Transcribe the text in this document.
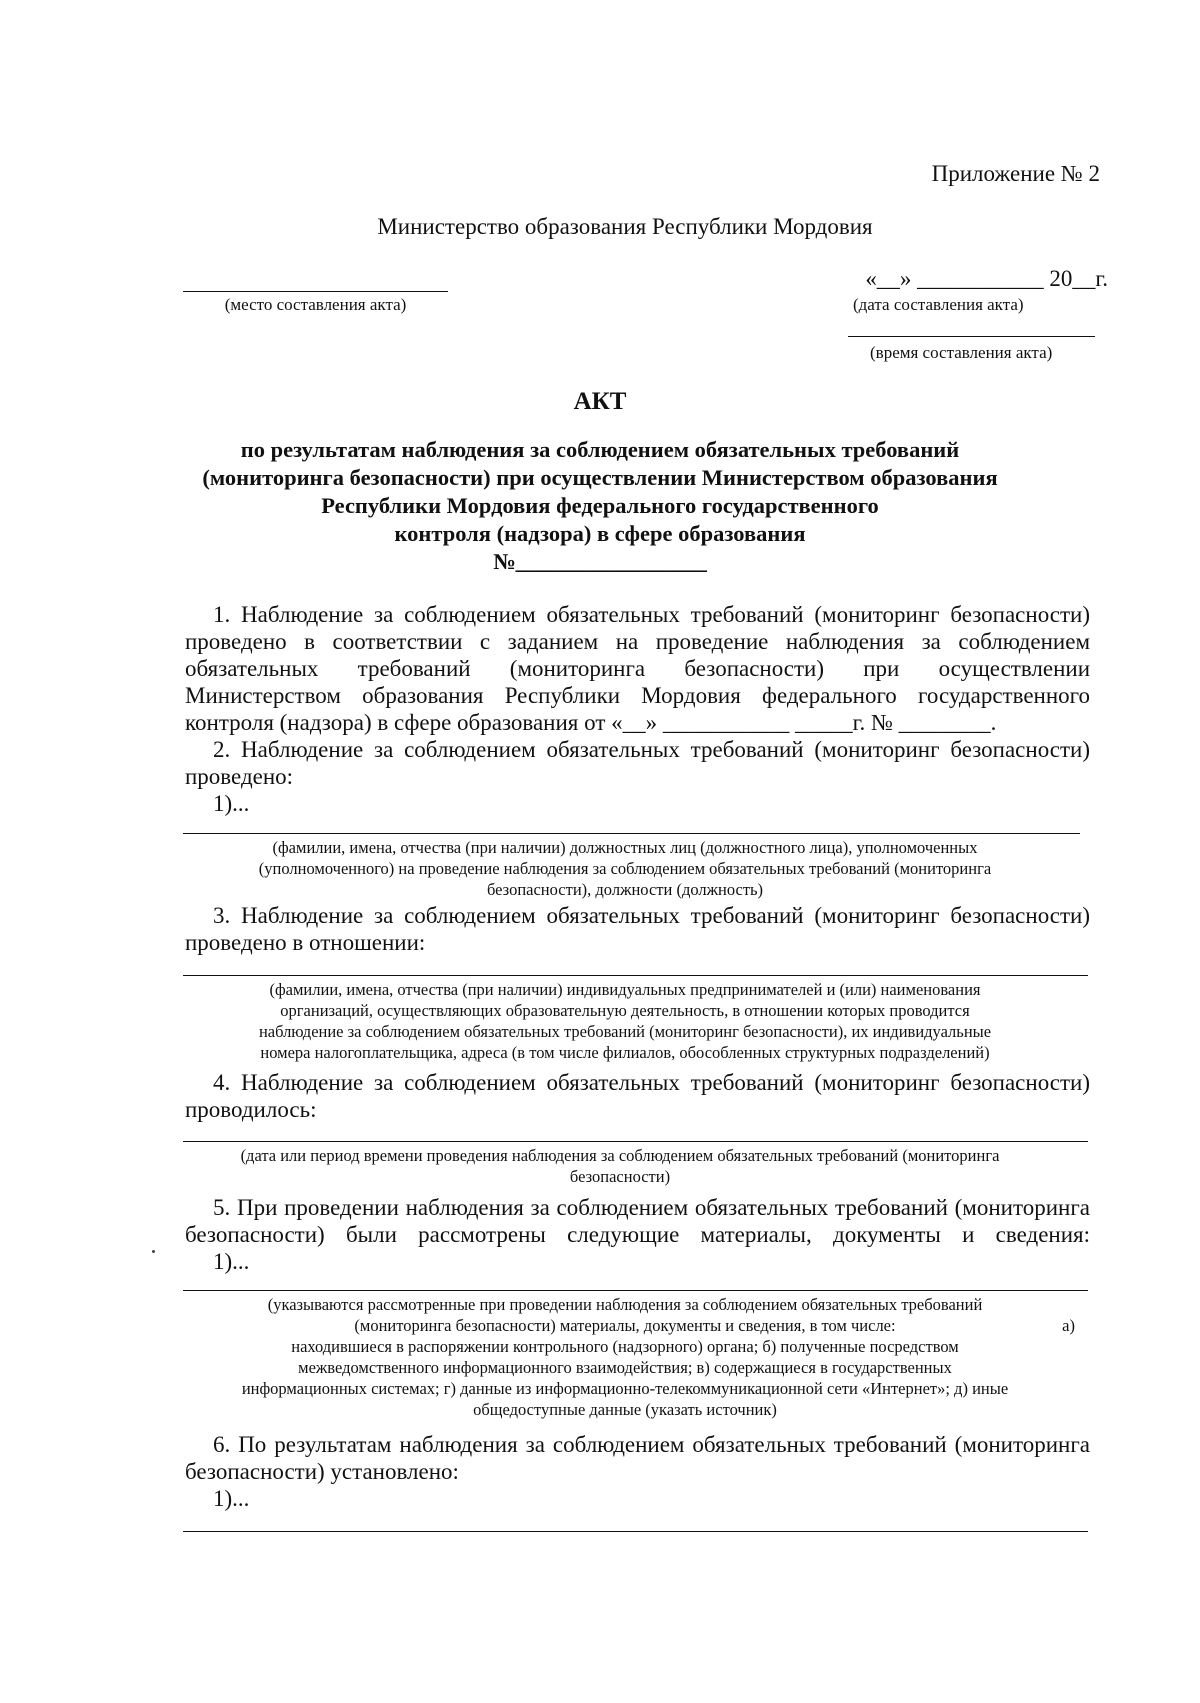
Приложение № 2
Министерство образования Республики Мордовия
(место составления акта)
«__» ___________ 20__г.
(дата составления акта)
(время составления акта)
АКТ
по результатам наблюдения за соблюдением обязательных требований
(мониторинга безопасности) при осуществлении Министерством образования
Республики Мордовия федерального государственного
контроля (надзора) в сфере образования
№_________________
1. Наблюдение за соблюдением обязательных требований (мониторинг безопасности)
проведено в соответствии с заданием на проведение наблюдения за соблюдением
обязательных требований (мониторинга безопасности) при осуществлении
Министерством образования Республики Мордовия федерального государственного
контроля (надзора) в сфере образования от «__» ___________ _____г. № ________.
2. Наблюдение за соблюдением обязательных требований (мониторинг безопасности)
проведено:
1)...
(фамилии, имена, отчества (при наличии) должностных лиц (должностного лица), уполномоченных
(уполномоченного) на проведение наблюдения за соблюдением обязательных требований (мониторинга
безопасности), должности (должность)
3. Наблюдение за соблюдением обязательных требований (мониторинг безопасности)
проведено в отношении:
(фамилии, имена, отчества (при наличии) индивидуальных предпринимателей и (или) наименования
организаций, осуществляющих образовательную деятельность, в отношении которых проводится
наблюдение за соблюдением обязательных требований (мониторинг безопасности), их индивидуальные
номера налогоплательщика, адреса (в том числе филиалов, обособленных структурных подразделений)
4. Наблюдение за соблюдением обязательных требований (мониторинг безопасности)
проводилось:
(дата или период времени проведения наблюдения за соблюдением обязательных требований (мониторинга
безопасности)
5. При проведении наблюдения за соблюдением обязательных требований (мониторинга
безопасности) были рассмотрены следующие материалы, документы и сведения:
1)...
(указываются рассмотренные при проведении наблюдения за соблюдением обязательных требований
(мониторинга безопасности) материалы, документы и сведения, в том числе:	а)
находившиеся в распоряжении контрольного (надзорного) органа; б) полученные посредством
межведомственного информационного взаимодействия; в) содержащиеся в государственных
информационных системах; г) данные из информационно-телекоммуникационной сети «Интернет»; д) иные
общедоступные данные (указать источник)
6. По результатам наблюдения за соблюдением обязательных требований (мониторинга
безопасности) установлено:
1)...
